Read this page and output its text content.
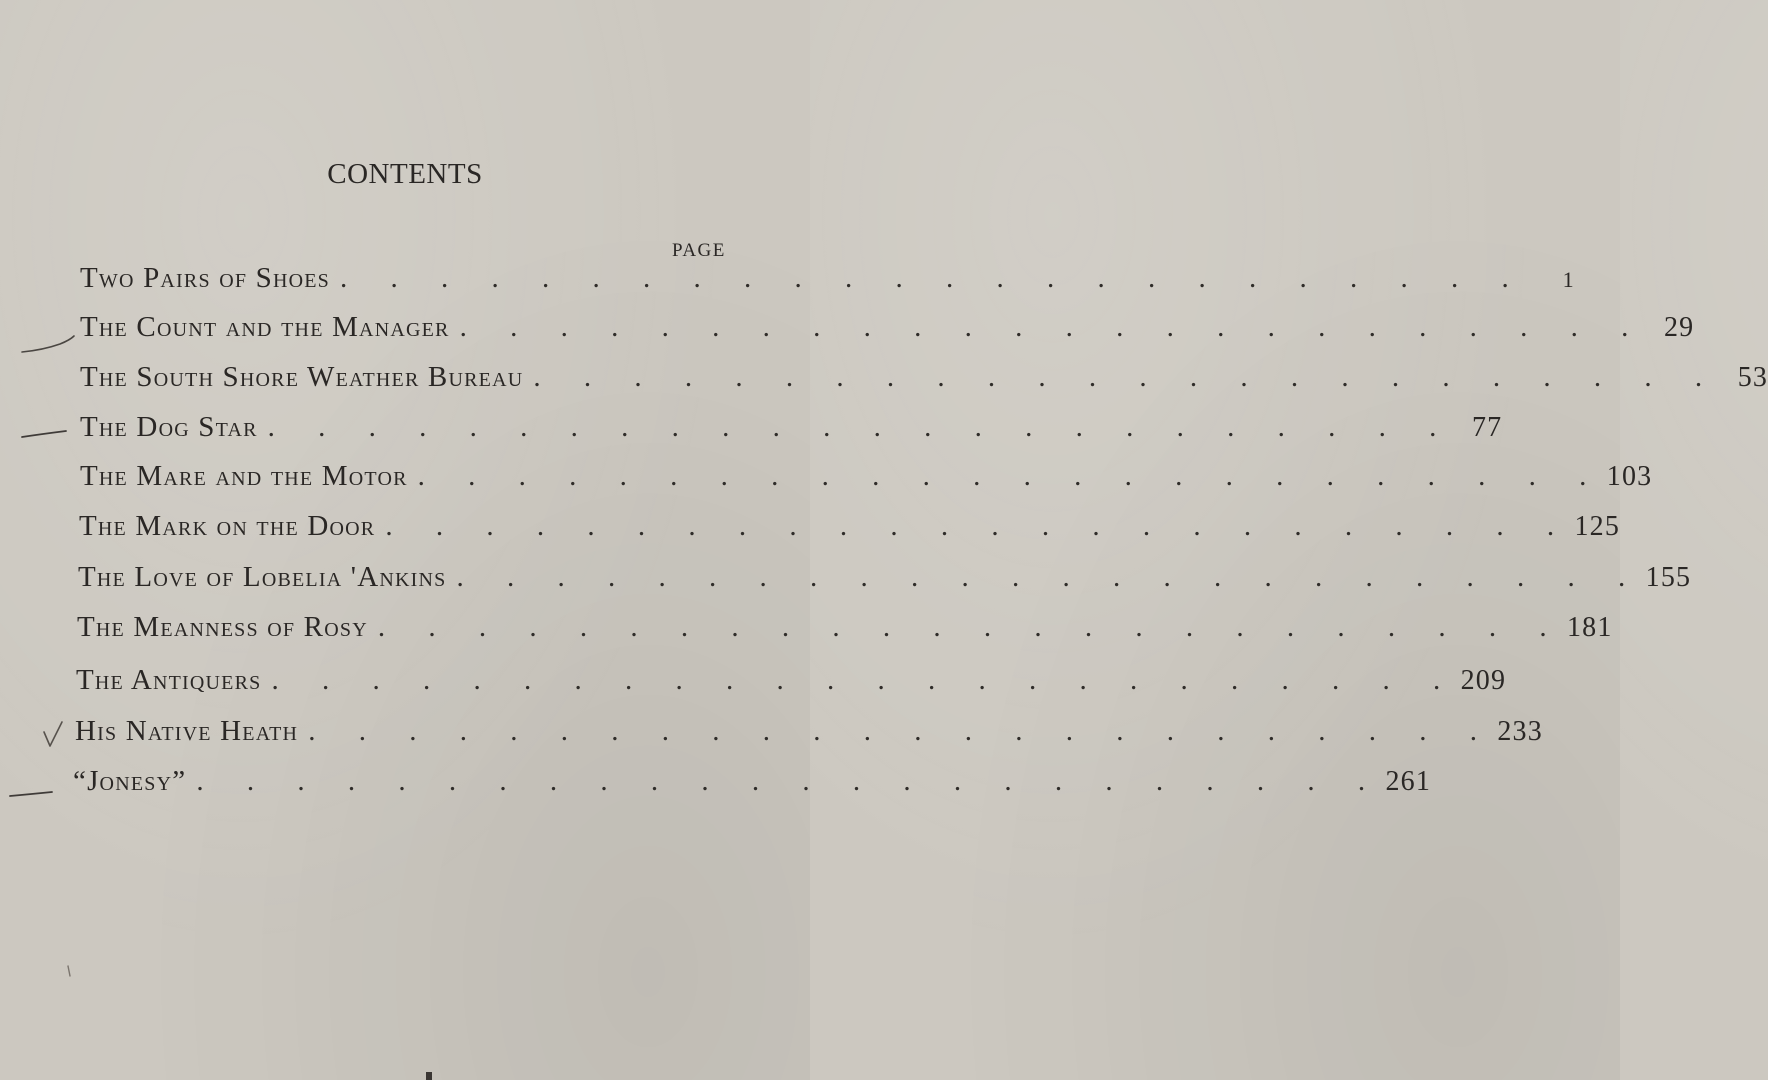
CONTENTS
PAGE
Two Pairs of Shoes . . . . . . . . . . . . . . . . . . . . . . . .	1
The Count and the Manager . . . . . . . . . . . . . . . . . . . . . . . . 29
The South Shore Weather Bureau . . . . . . . . . . . . . . . . . . . . . . . . 53
The Dog Star . . . . . . . . . . . . . . . . . . . . . . . . 77
The Mare and the Motor . . . . . . . . . . . . . . . . . . . . . . . . 103
The Mark on the Door . . . . . . . . . . . . . . . . . . . . . . . . 125
The Love of Lobelia 'Ankins . . . . . . . . . . . . . . . . . . . . . . . . 155
The Meanness of Rosy . . . . . . . . . . . . . . . . . . . . . . . . 181
The Antiquers . . . . . . . . . . . . . . . . . . . . . . . . 209
His Native Heath . . . . . . . . . . . . . . . . . . . . . . . . 233
“Jonesy” . . . . . . . . . . . . . . . . . . . . . . . . 261
